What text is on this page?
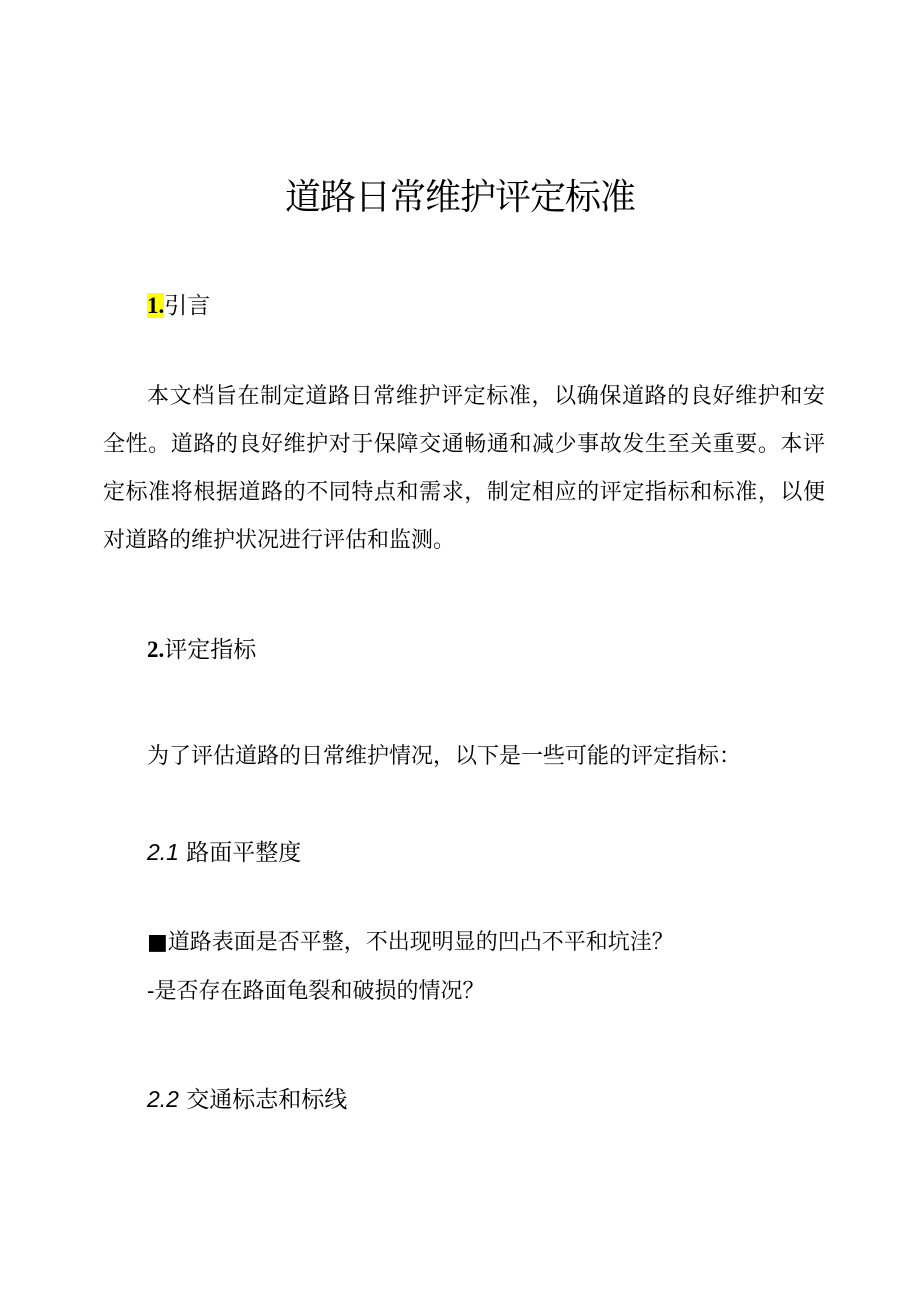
道路日常维护评定标准
1.引言
本文档旨在制定道路日常维护评定标准，以确保道路的良好维护和安全性。道路的良好维护对于保障交通畅通和减少事故发生至关重要。本评定标准将根据道路的不同特点和需求，制定相应的评定指标和标准，以便对道路的维护状况进行评估和监测。
2.评定指标
为了评估道路的日常维护情况，以下是一些可能的评定指标：
2.1 路面平整度
■道路表面是否平整，不出现明显的凹凸不平和坑洼？
-是否存在路面龟裂和破损的情况？
2.2 交通标志和标线
